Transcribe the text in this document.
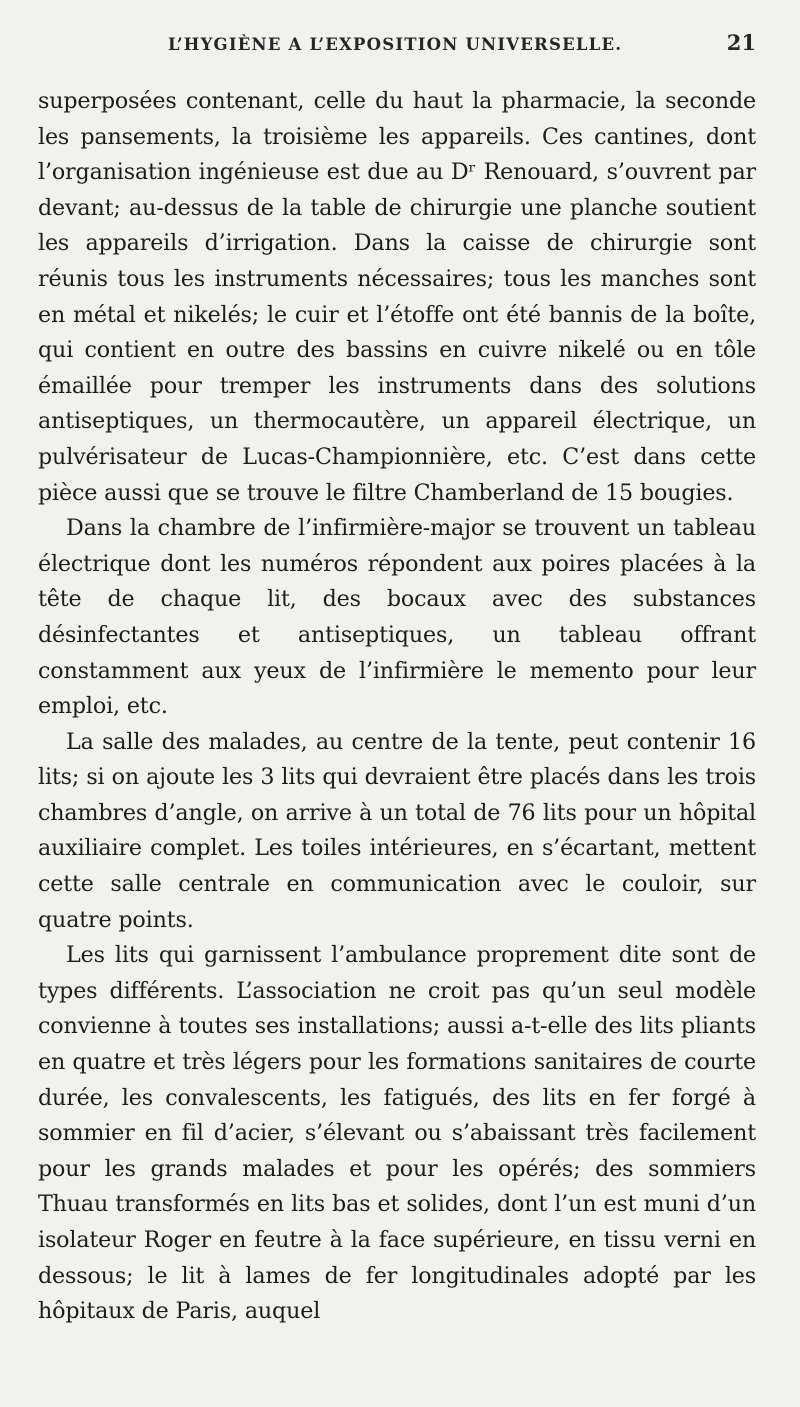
L’HYGIÈNE A L’EXPOSITION UNIVERSELLE.	21

superposées contenant, celle du haut la pharmacie, la seconde les pansements, la troisième les appareils. Ces cantines, dont l’organisation ingénieuse est due au Dʳ Renouard, s’ouvrent par devant; au-dessus de la table de chirurgie une planche soutient les appareils d’irrigation. Dans la caisse de chirurgie sont réunis tous les instruments nécessaires; tous les manches sont en métal et nikelés; le cuir et l’étoffe ont été bannis de la boîte, qui contient en outre des bassins en cuivre nikelé ou en tôle émaillée pour tremper les instruments dans des solutions antiseptiques, un thermocautère, un appareil électrique, un pulvérisateur de Lucas-Championnière, etc. C’est dans cette pièce aussi que se trouve le filtre Chamberland de 15 bougies.

Dans la chambre de l’infirmière-major se trouvent un tableau électrique dont les numéros répondent aux poires placées à la tête de chaque lit, des bocaux avec des substances désinfectantes et antiseptiques, un tableau offrant constamment aux yeux de l’infirmière le memento pour leur emploi, etc.

La salle des malades, au centre de la tente, peut contenir 16 lits; si on ajoute les 3 lits qui devraient être placés dans les trois chambres d’angle, on arrive à un total de 76 lits pour un hôpital auxiliaire complet. Les toiles intérieures, en s’écartant, mettent cette salle centrale en communication avec le couloir, sur quatre points.

Les lits qui garnissent l’ambulance proprement dite sont de types différents. L’association ne croit pas qu’un seul modèle convienne à toutes ses installations; aussi a-t-elle des lits pliants en quatre et très légers pour les formations sanitaires de courte durée, les convalescents, les fatigués, des lits en fer forgé à sommier en fil d’acier, s’élevant ou s’abaissant très facilement pour les grands malades et pour les opérés; des sommiers Thuau transformés en lits bas et solides, dont l’un est muni d’un isolateur Roger en feutre à la face supérieure, en tissu verni en dessous; le lit à lames de fer longitudinales adopté par les hôpitaux de Paris, auquel
